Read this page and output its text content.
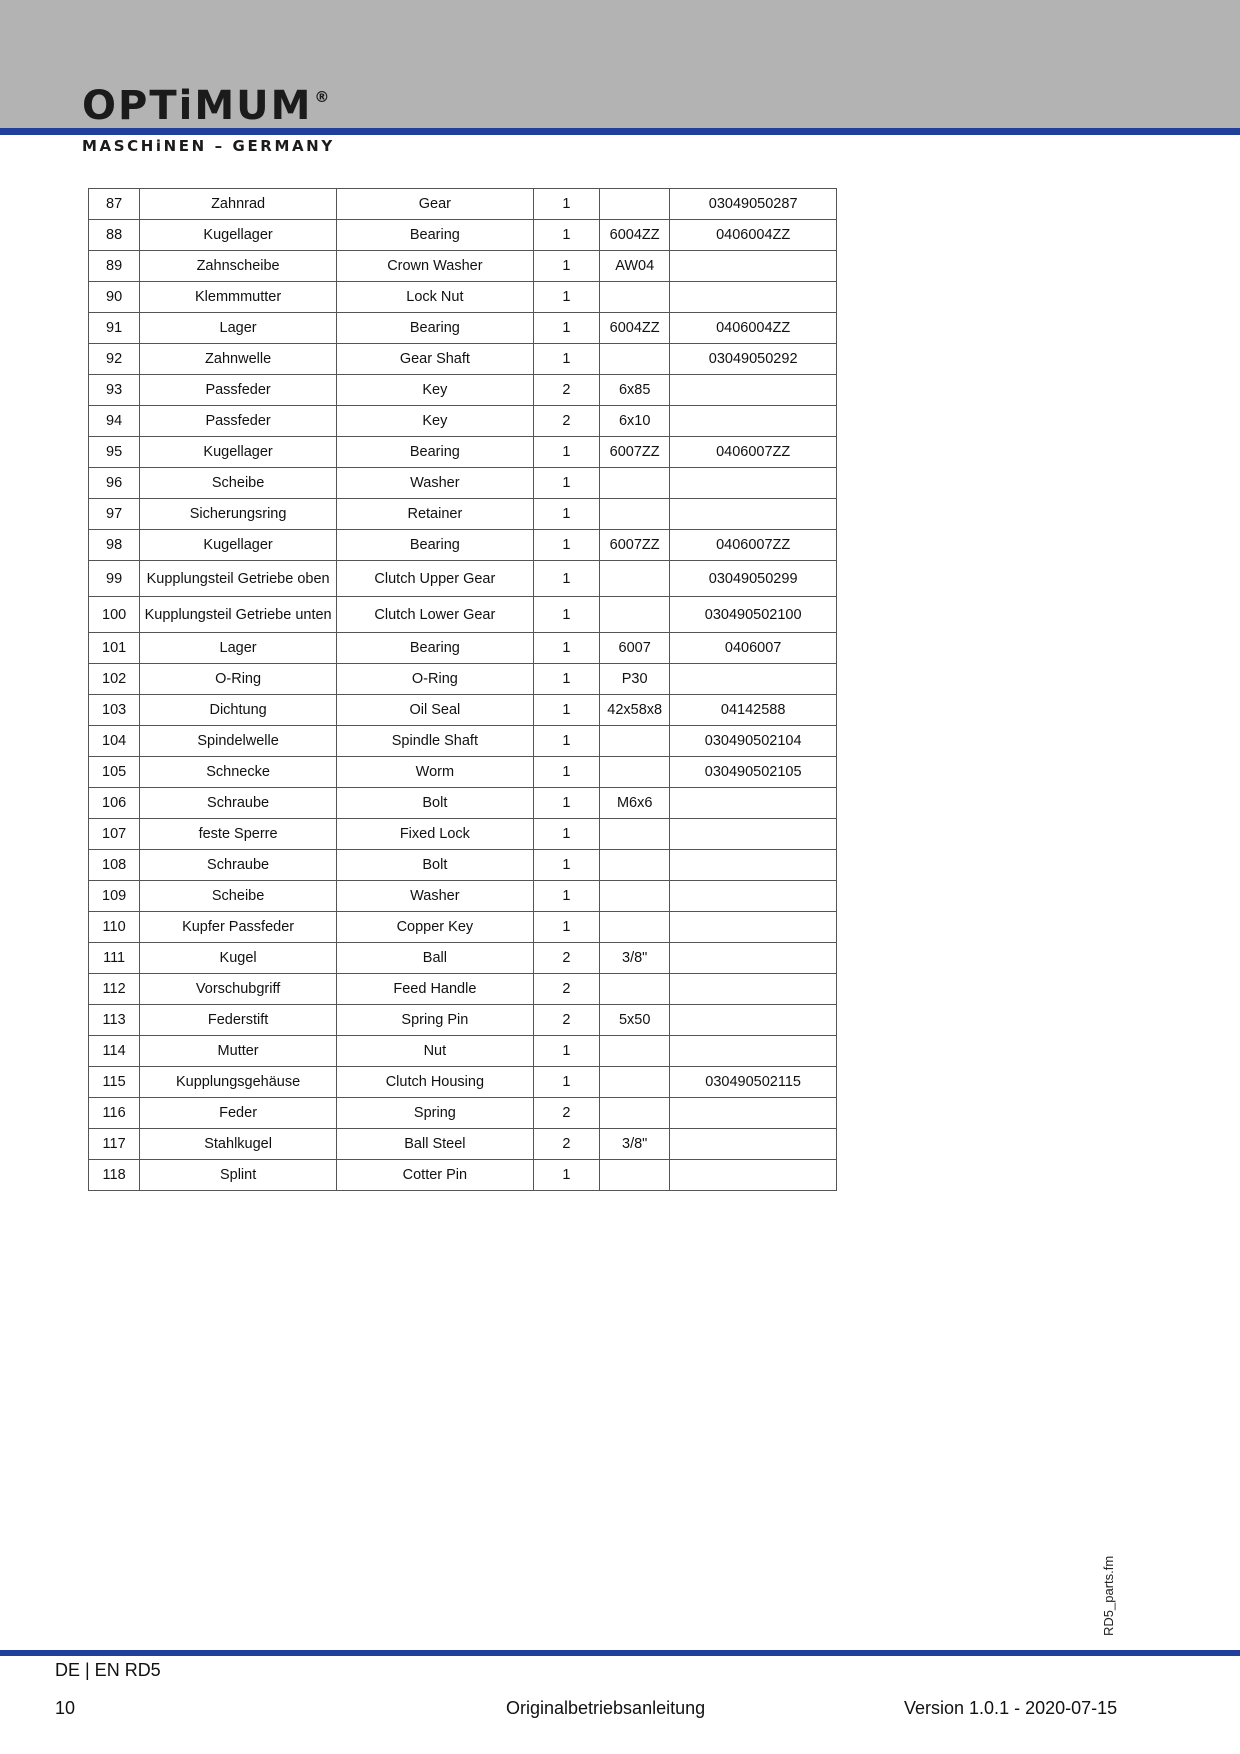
OPTiMUM ®
MASCHiNEN – GERMANY
87	Zahnrad	Gear	1		03049050287
88	Kugellager	Bearing	1	6004ZZ	0406004ZZ
89	Zahnscheibe	Crown Washer	1	AW04	
90	Klemmmutter	Lock Nut	1		
91	Lager	Bearing	1	6004ZZ	0406004ZZ
92	Zahnwelle	Gear Shaft	1		03049050292
93	Passfeder	Key	2	6x85	
94	Passfeder	Key	2	6x10	
95	Kugellager	Bearing	1	6007ZZ	0406007ZZ
96	Scheibe	Washer	1		
97	Sicherungsring	Retainer	1		
98	Kugellager	Bearing	1	6007ZZ	0406007ZZ
99	Kupplungsteil Getriebe oben	Clutch Upper Gear	1		03049050299
100	Kupplungsteil Getriebe unten	Clutch Lower Gear	1		030490502100
101	Lager	Bearing	1	6007	0406007
102	O-Ring	O-Ring	1	P30	
103	Dichtung	Oil Seal	1	42x58x8	04142588
104	Spindelwelle	Spindle Shaft	1		030490502104
105	Schnecke	Worm	1		030490502105
106	Schraube	Bolt	1	M6x6	
107	feste Sperre	Fixed Lock	1		
108	Schraube	Bolt	1		
109	Scheibe	Washer	1		
110	Kupfer Passfeder	Copper Key	1		
111	Kugel	Ball	2	3/8"	
112	Vorschubgriff	Feed Handle	2		
113	Federstift	Spring Pin	2	5x50	
114	Mutter	Nut	1		
115	Kupplungsgehäuse	Clutch Housing	1		030490502115
116	Feder	Spring	2		
117	Stahlkugel	Ball Steel	2	3/8"	
118	Splint	Cotter Pin	1		
RD5_parts.fm
DE | EN RD5
10	Originalbetriebsanleitung	Version 1.0.1 - 2020-07-15
